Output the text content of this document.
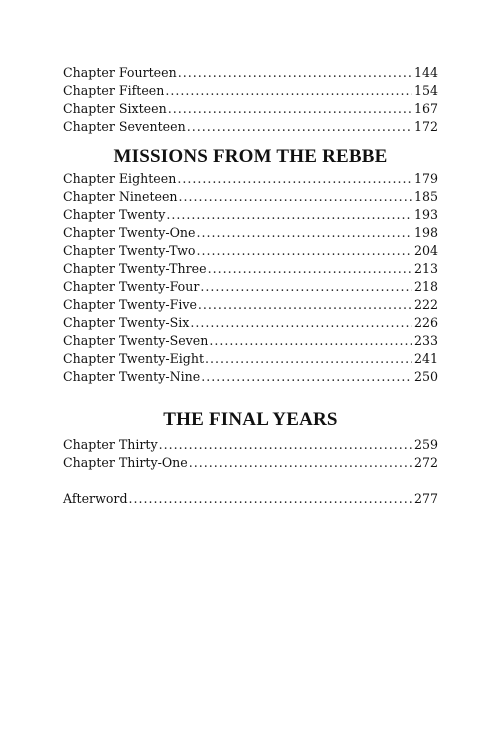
Chapter Fourteen .....	144
Chapter Fifteen .....	154
Chapter Sixteen .....	167
Chapter Seventeen .....	172
MISSIONS FROM THE REBBE
Chapter Eighteen .....	179
Chapter Nineteen .....	185
Chapter Twenty .....	193
Chapter Twenty-One .....	198
Chapter Twenty-Two .....	204
Chapter Twenty-Three .....	213
Chapter Twenty-Four .....	218
Chapter Twenty-Five .....	222
Chapter Twenty-Six .....	226
Chapter Twenty-Seven .....	233
Chapter Twenty-Eight .....	241
Chapter Twenty-Nine .....	250
THE FINAL YEARS
Chapter Thirty .....	259
Chapter Thirty-One .....	272
Afterword .....	277
